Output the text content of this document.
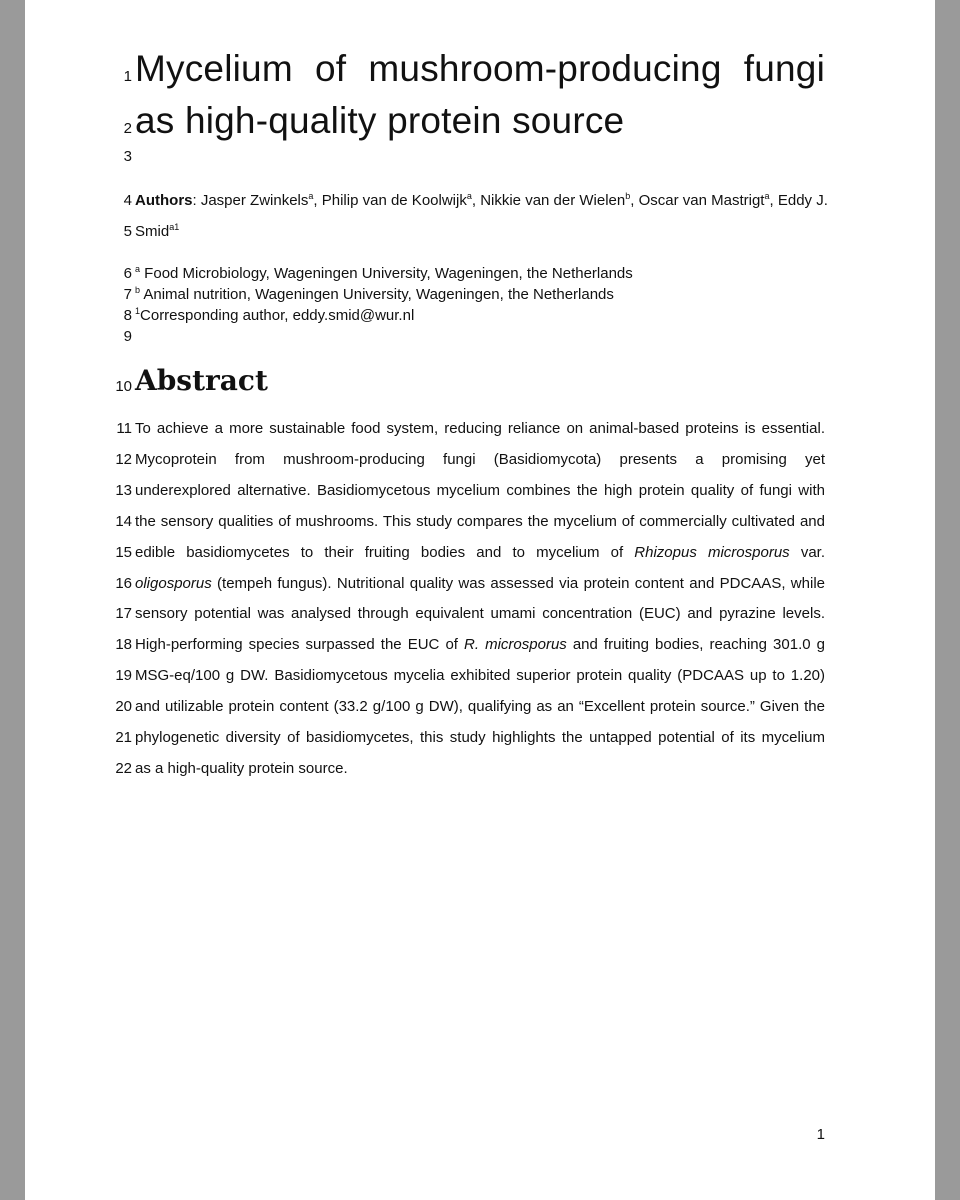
1
2
3
4
5
6
7
8
9
10
11
12
13
14
15
16
17
18
19
20
21
22
Mycelium of mushroom-producing fungi
as high-quality protein source
Authors: Jasper Zwinkels$^a$, Philip van de Koolwijk$^a$, Nikkie van der Wielen$^b$, Oscar van Mastrigt$^a$, Eddy J.
Smid$^{a1}$
$^a$ Food Microbiology, Wageningen University, Wageningen, the Netherlands
$^b$ Animal nutrition, Wageningen University, Wageningen, the Netherlands
$^1$Corresponding author, eddy.smid@wur.nl
Abstract
To achieve a more sustainable food system, reducing reliance on animal-based proteins is essential.
Mycoprotein from mushroom-producing fungi (Basidiomycota) presents a promising yet
underexplored alternative. Basidiomycetous mycelium combines the high protein quality of fungi with
the sensory qualities of mushrooms. This study compares the mycelium of commercially cultivated and
edible basidiomycetes to their fruiting bodies and to mycelium of Rhizopus microsporus var.
oligosporus (tempeh fungus). Nutritional quality was assessed via protein content and PDCAAS, while
sensory potential was analysed through equivalent umami concentration (EUC) and pyrazine levels.
High-performing species surpassed the EUC of R. microsporus and fruiting bodies, reaching 301.0 g
MSG-eq/100 g DW. Basidiomycetous mycelia exhibited superior protein quality (PDCAAS up to 1.20)
and utilizable protein content (33.2 g/100 g DW), qualifying as an “Excellent protein source.” Given the
phylogenetic diversity of basidiomycetes, this study highlights the untapped potential of its mycelium
as a high-quality protein source.
1
